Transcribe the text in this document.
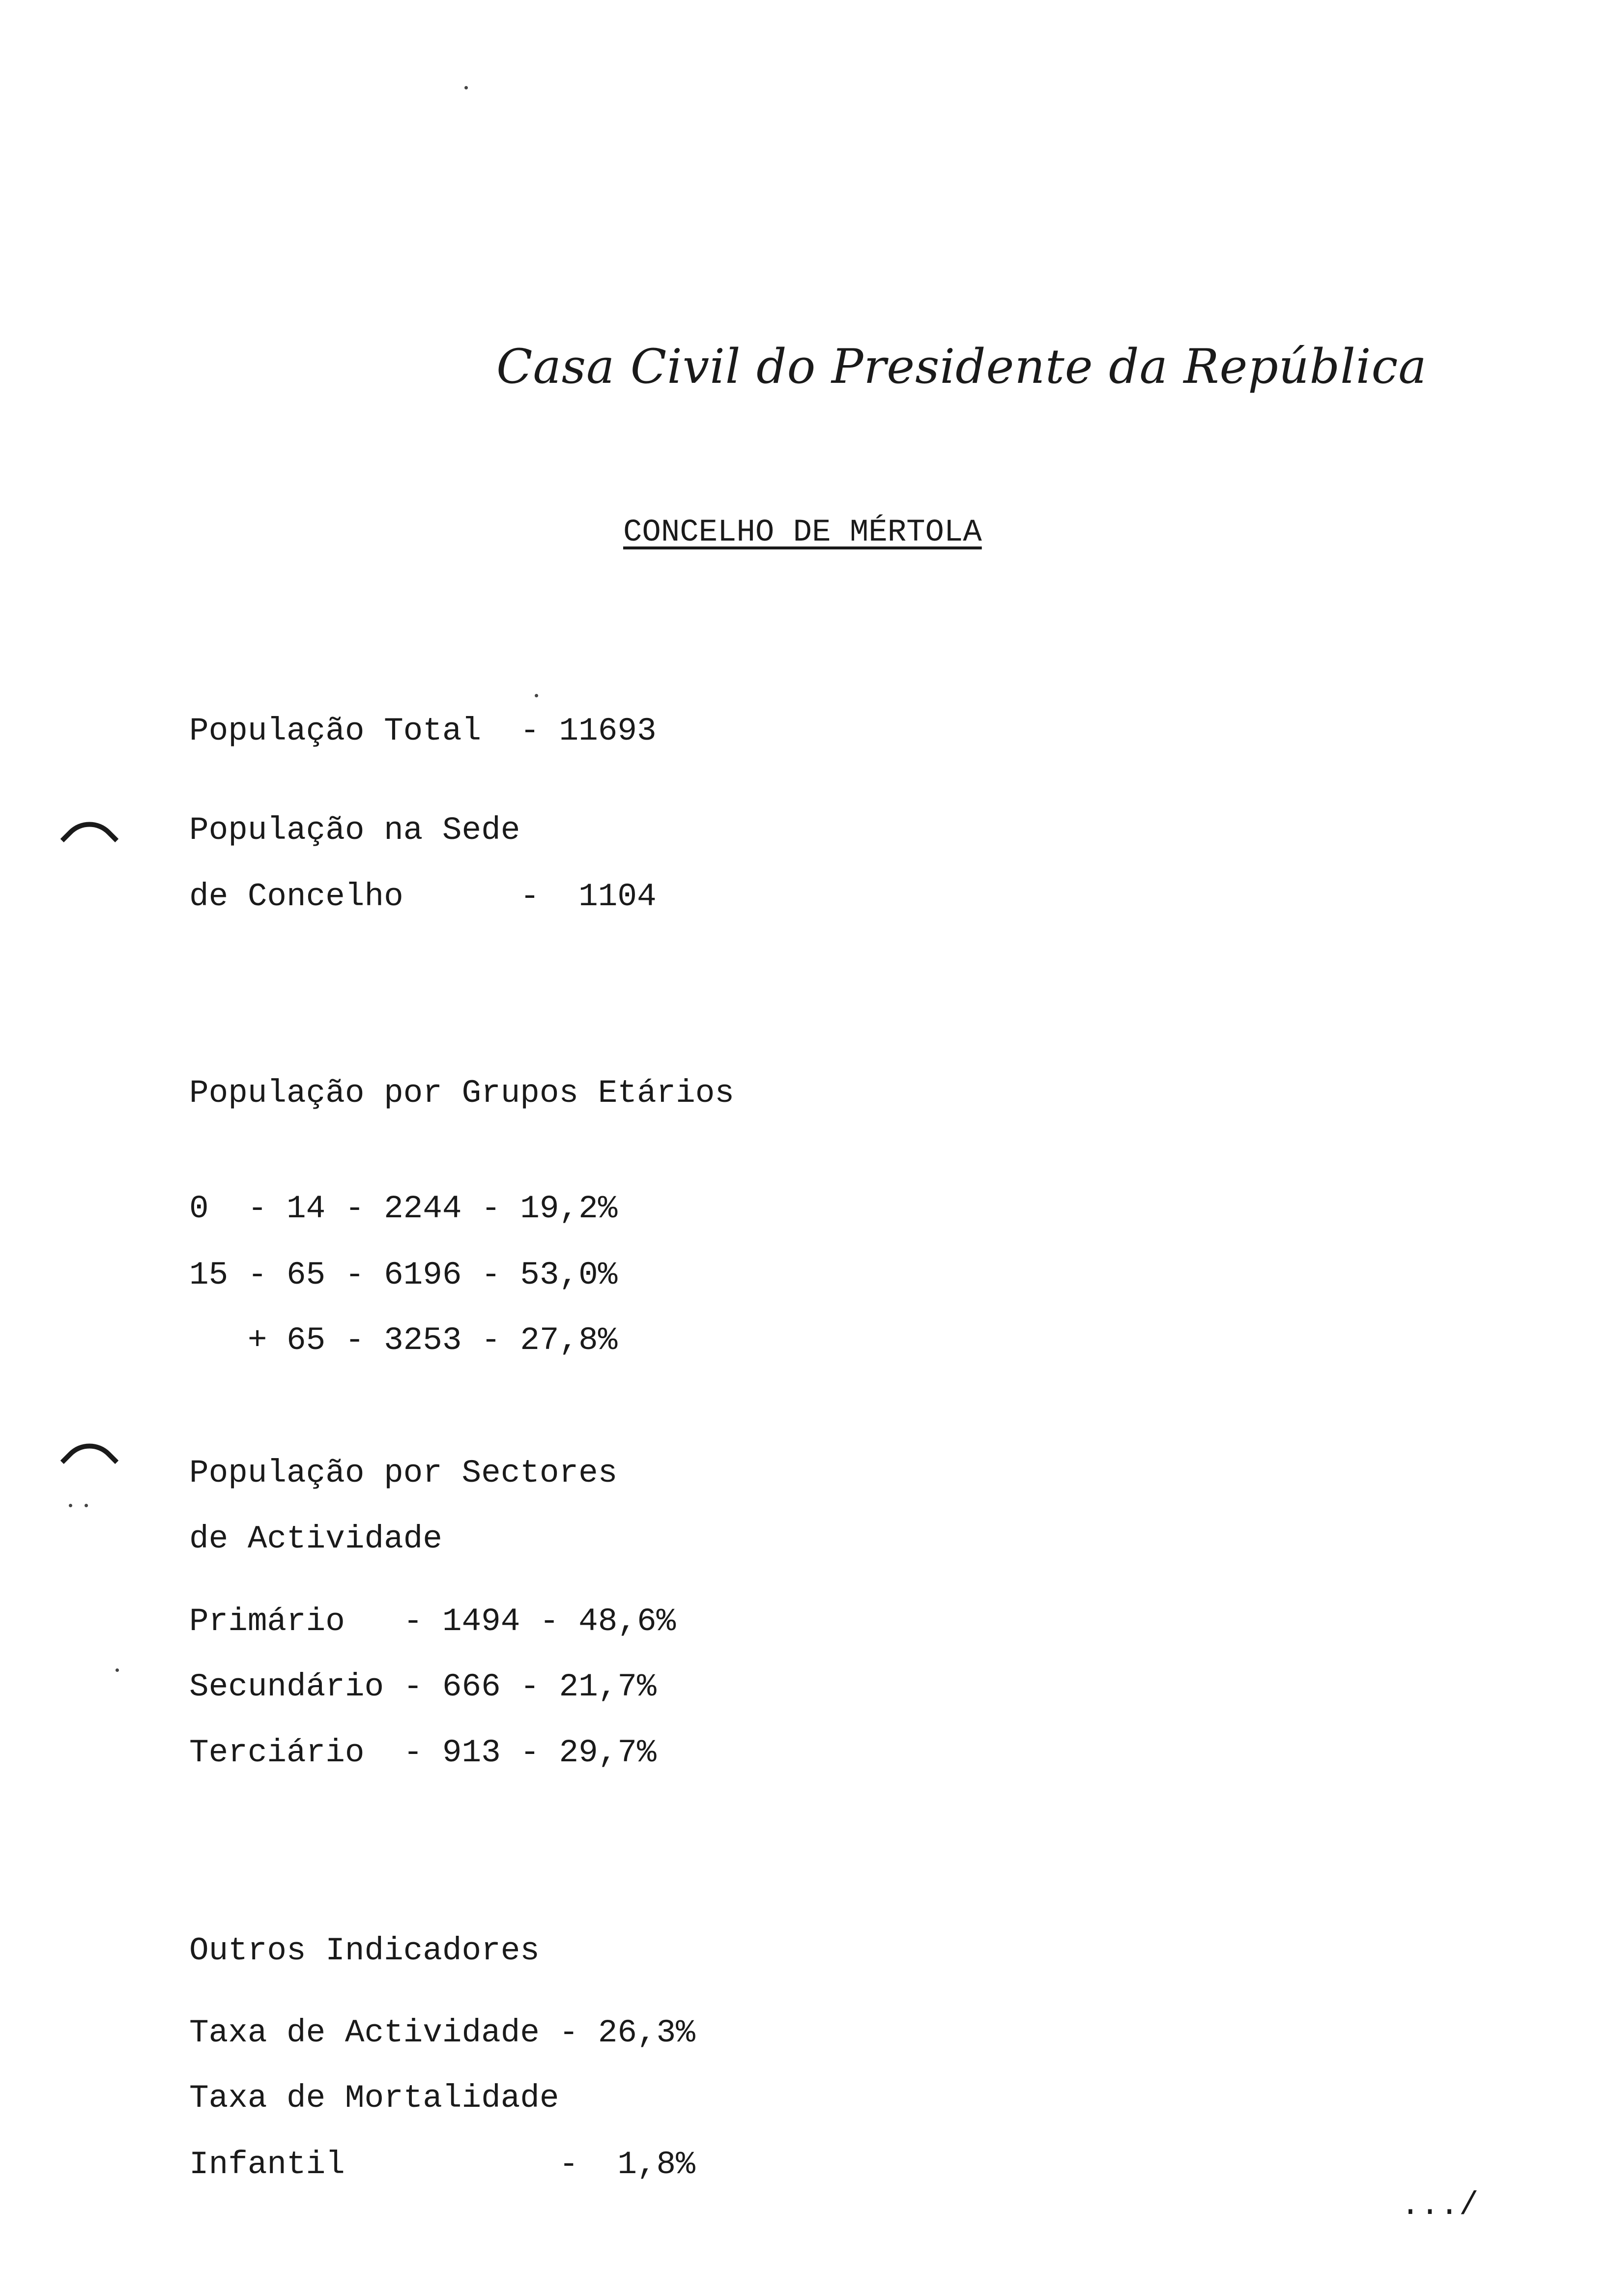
Casa Civil do Presidente da República
CONCELHO DE MÉRTOLA
População Total  - 11693
População na Sede
de Concelho      -  1104
População por Grupos Etários
0  - 14 - 2244 - 19,2%
15 - 65 - 6196 - 53,0%
+ 65 - 3253 - 27,8%
População por Sectores
de Actividade
Primário   - 1494 - 48,6%
Secundário - 666 - 21,7%
Terciário  - 913 - 29,7%
Outros Indicadores
Taxa de Actividade - 26,3%
Taxa de Mortalidade
Infantil           -  1,8%
.../
